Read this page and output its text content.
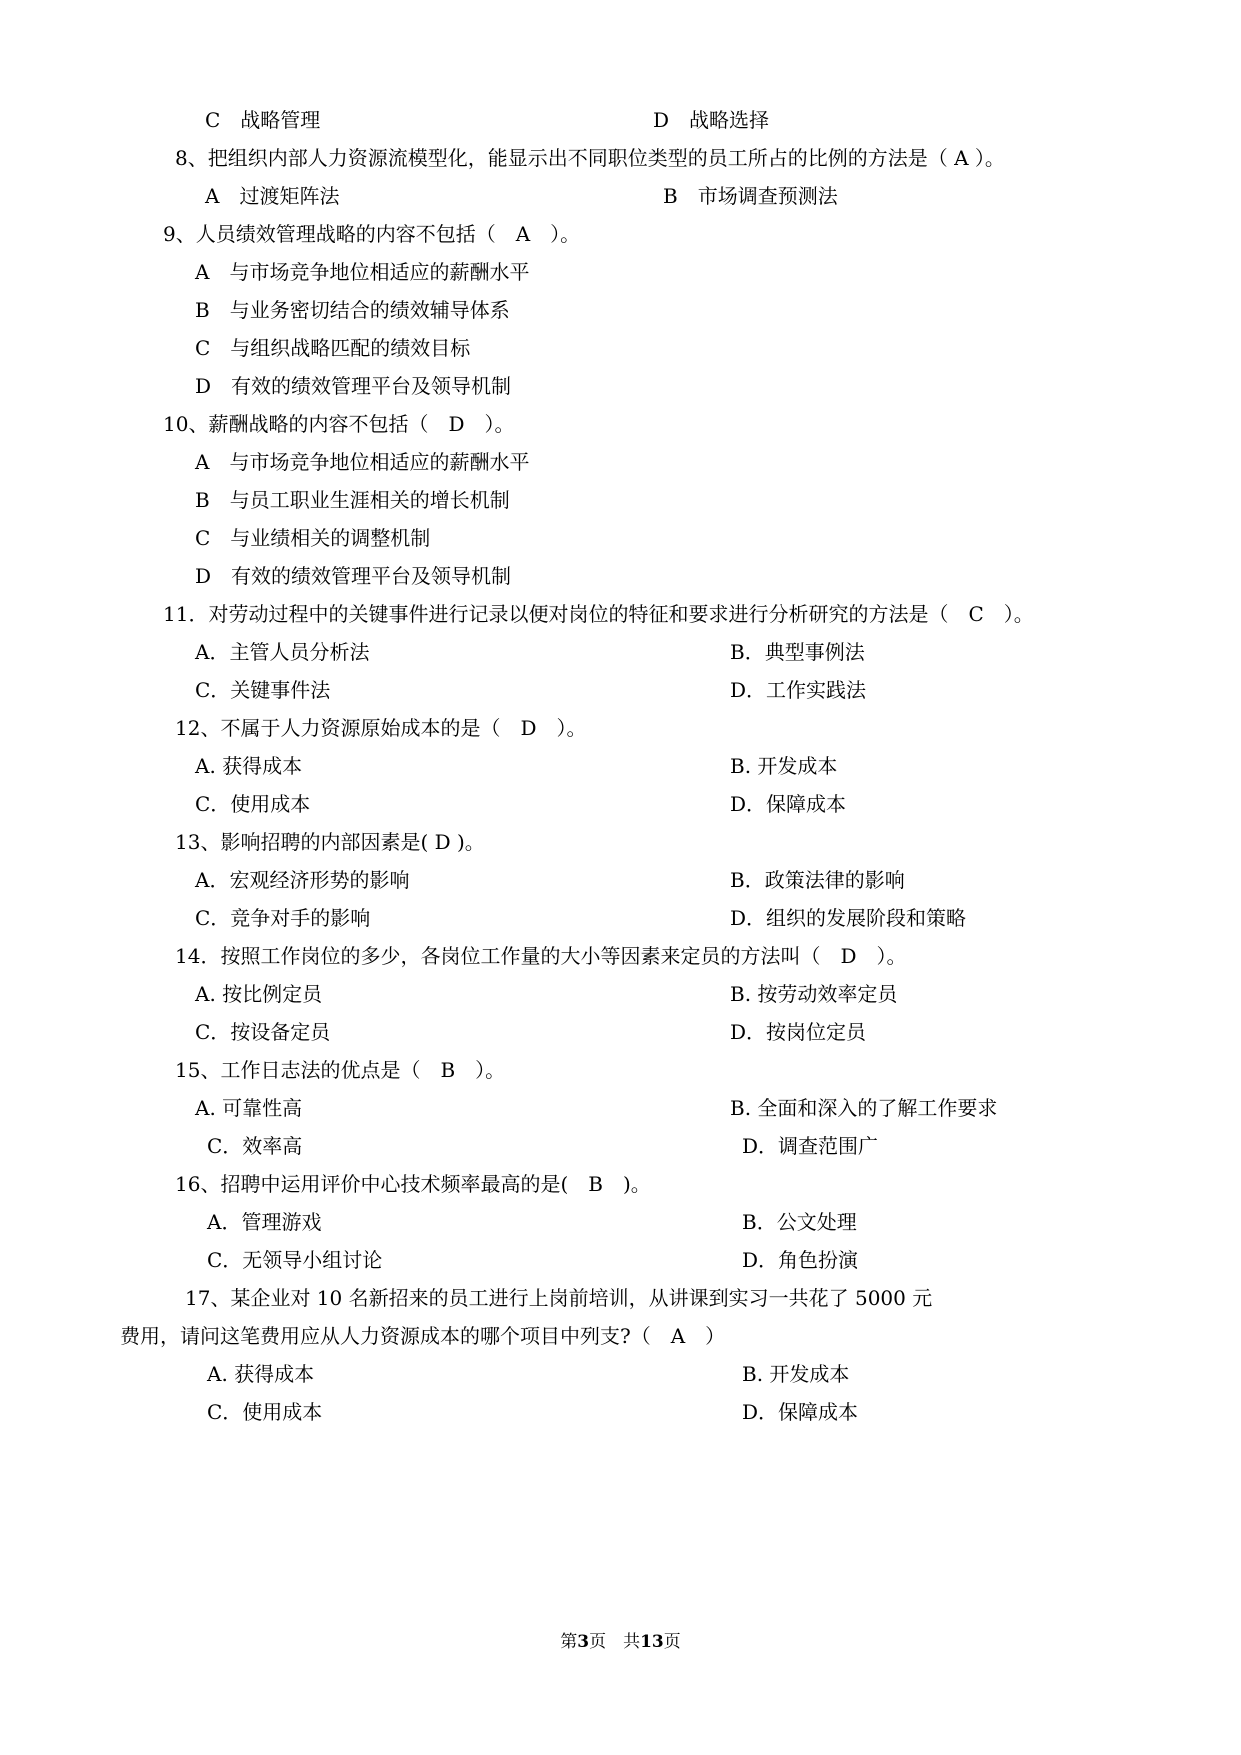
C　战略管理	D　战略选择
8、把组织内部人力资源流模型化，能显示出不同职位类型的员工所占的比例的方法是（ A ）。
A　过渡矩阵法	B　市场调查预测法
9、人员绩效管理战略的内容不包括（　A　）。
A　与市场竞争地位相适应的薪酬水平
B　与业务密切结合的绩效辅导体系
C　与组织战略匹配的绩效目标
D　有效的绩效管理平台及领导机制
10、薪酬战略的内容不包括（　D　）。
A　与市场竞争地位相适应的薪酬水平
B　与员工职业生涯相关的增长机制
C　与业绩相关的调整机制
D　有效的绩效管理平台及领导机制
11．对劳动过程中的关键事件进行记录以便对岗位的特征和要求进行分析研究的方法是（　C　）。
A．主管人员分析法	B．典型事例法
C．关键事件法	D．工作实践法
12、不属于人力资源原始成本的是（　D　）。
A. 获得成本	B. 开发成本
C．使用成本	D．保障成本
13、影响招聘的内部因素是( D )。
A．宏观经济形势的影响	B．政策法律的影响
C．竞争对手的影响	D．组织的发展阶段和策略
14．按照工作岗位的多少，各岗位工作量的大小等因素来定员的方法叫（　D　）。
A. 按比例定员	B. 按劳动效率定员
C．按设备定员	D．按岗位定员
15、工作日志法的优点是（　B　）。
A. 可靠性高	B. 全面和深入的了解工作要求
C．效率高	D．调查范围广
16、招聘中运用评价中心技术频率最高的是(　B　)。
A．管理游戏	B．公文处理
C．无领导小组讨论	D．角色扮演
17、某企业对 10 名新招来的员工进行上岗前培训，从讲课到实习一共花了 5000 元
费用，请问这笔费用应从人力资源成本的哪个项目中列支?（　A　）
A. 获得成本	B. 开发成本
C．使用成本	D．保障成本
第3页　共13页
